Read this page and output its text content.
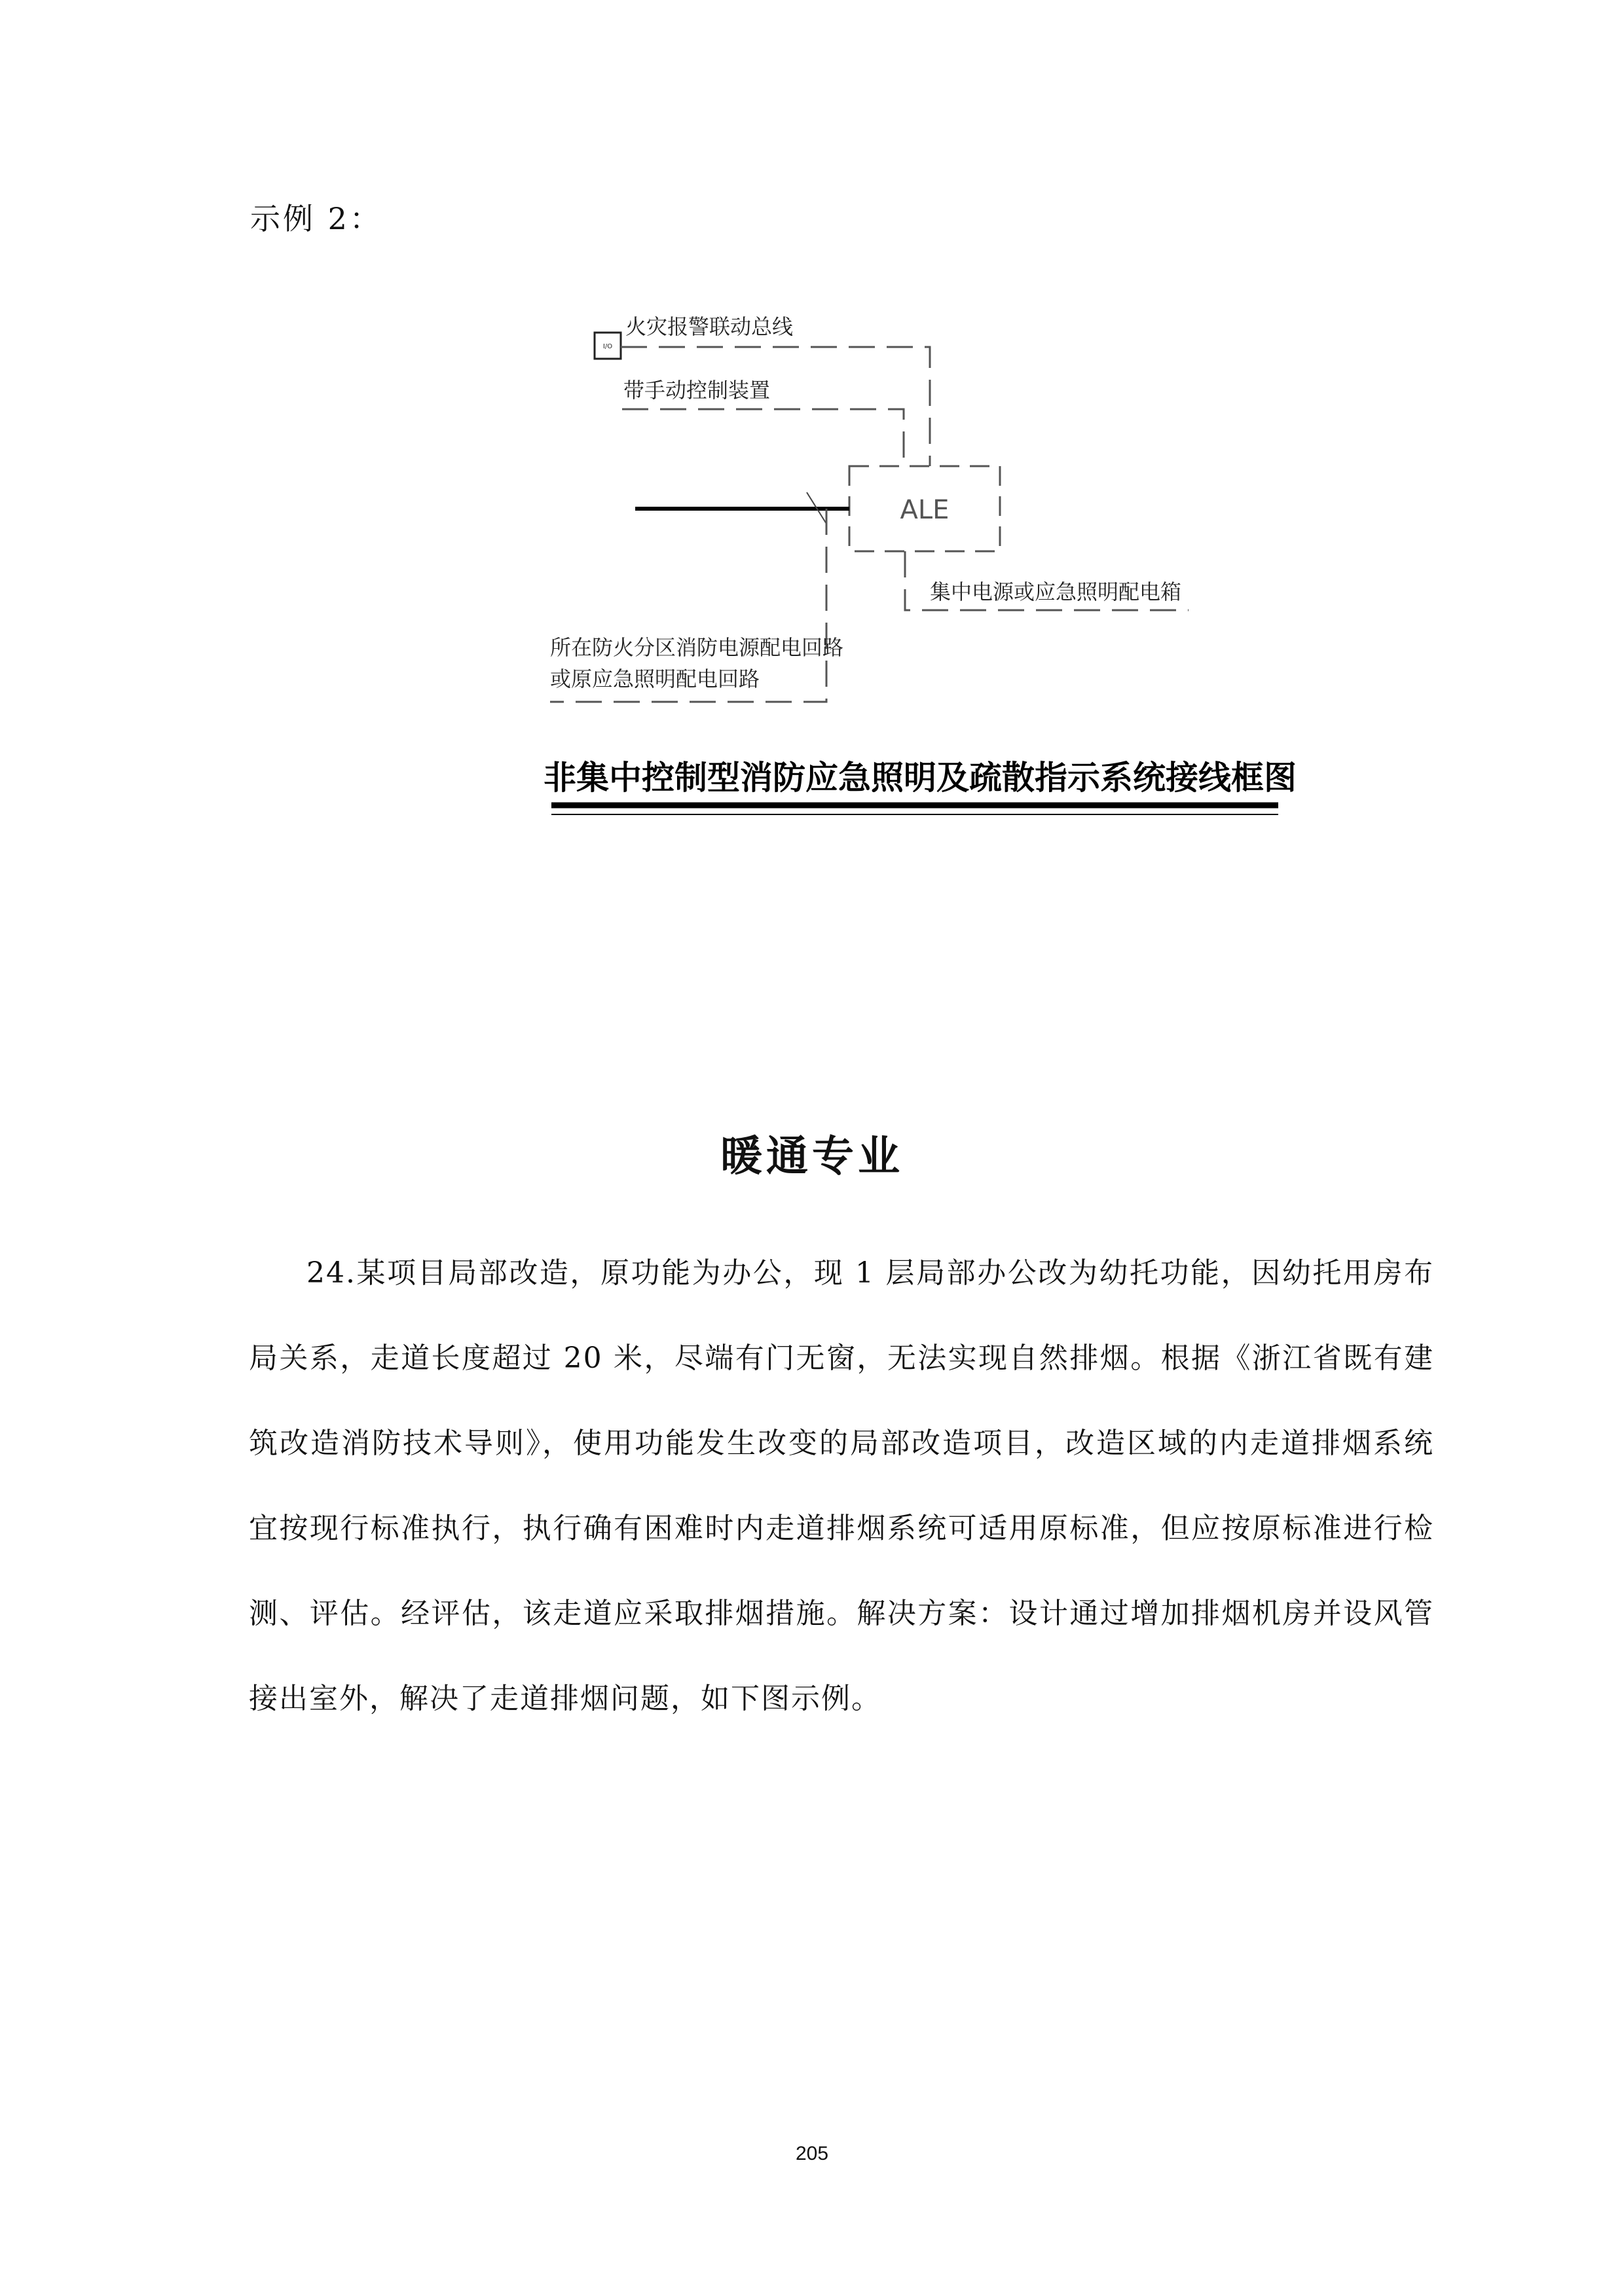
示例 2：
I/O
火灾报警联动总线
带手动控制装置
ALE
所在防火分区消防电源配电回路
或原应急照明配电回路
集中电源或应急照明配电箱
非集中控制型消防应急照明及疏散指示系统接线框图
暖通专业
24.某项目局部改造，原功能为办公，现 1 层局部办公改为幼托功能，因幼托用房布局关系，走道长度超过 20 米，尽端有门无窗，无法实现自然排烟。根据《浙江省既有建筑改造消防技术导则》，使用功能发生改变的局部改造项目，改造区域的内走道排烟系统宜按现行标准执行，执行确有困难时内走道排烟系统可适用原标准，但应按原标准进行检测、评估。经评估，该走道应采取排烟措施。解决方案：设计通过增加排烟机房并设风管接出室外，解决了走道排烟问题，如下图示例。
205
